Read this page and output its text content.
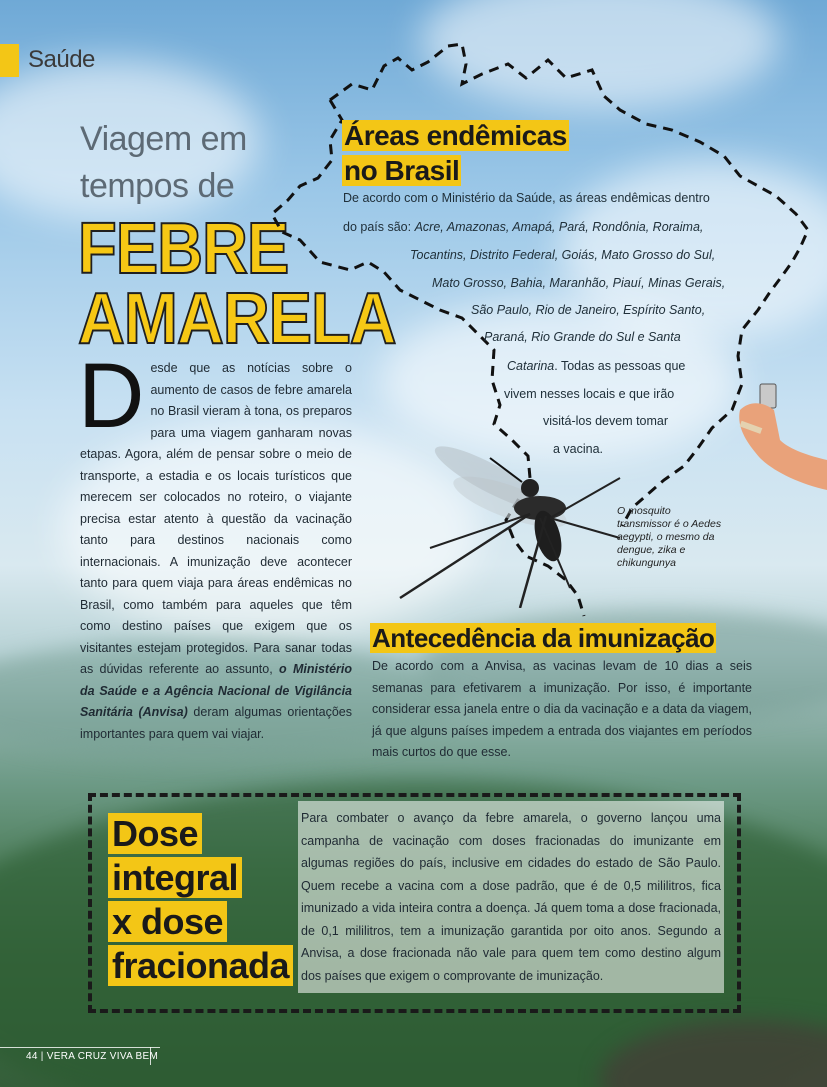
Saúde
Viagem em
tempos de
FEBRE
AMARELA
Desde que as notícias sobre o aumento de casos de febre amarela no Brasil vieram à tona, os preparos para uma viagem ganharam novas etapas. Agora, além de pensar sobre o meio de transporte, a estadia e os locais turísticos que merecem ser colocados no roteiro, o viajante precisa estar atento à questão da vacinação tanto para destinos nacionais como internacionais. A imunização deve acontecer tanto para quem viaja para áreas endêmicas no Brasil, como também para aqueles que têm como destino países que exigem que os visitantes estejam protegidos. Para sanar todas as dúvidas referente ao assunto, o Ministério da Saúde e a Agência Nacional de Vigilância Sanitária (Anvisa) deram algumas orientações importantes para quem vai viajar.
Áreas endêmicas
no Brasil
De acordo com o Ministério da Saúde, as áreas endêmicas dentro
do país são: Acre, Amazonas, Amapá, Pará, Rondônia, Roraima,
Tocantins, Distrito Federal, Goiás, Mato Grosso do Sul,
Mato Grosso, Bahia, Maranhão, Piauí, Minas Gerais,
São Paulo, Rio de Janeiro, Espírito Santo,
Paraná, Rio Grande do Sul e Santa
Catarina. Todas as pessoas que
vivem nesses locais e que irão
visitá-los devem tomar
a vacina.
O mosquito transmissor é o Aedes aegypti, o mesmo da dengue, zika e chikungunya
Antecedência da imunização
De acordo com a Anvisa, as vacinas levam de 10 dias a seis semanas para efetivarem a imunização. Por isso, é importante considerar essa janela entre o dia da vacinação e a data da viagem, já que alguns países impedem a entrada dos viajantes em períodos mais curtos do que esse.
Dose
integral
x dose
fracionada
Para combater o avanço da febre amarela, o governo lançou uma campanha de vacinação com doses fracionadas do imunizante em algumas regiões do país, inclusive em cidades do estado de São Paulo. Quem recebe a vacina com a dose padrão, que é de 0,5 mililitros, fica imunizado a vida inteira contra a doença. Já quem toma a dose fracionada, de 0,1 mililitros, tem a imunização garantida por oito anos. Segundo a Anvisa, a dose fracionada não vale para quem tem como destino algum dos países que exigem o comprovante de imunização.
44 | VERA CRUZ VIVA BEM
